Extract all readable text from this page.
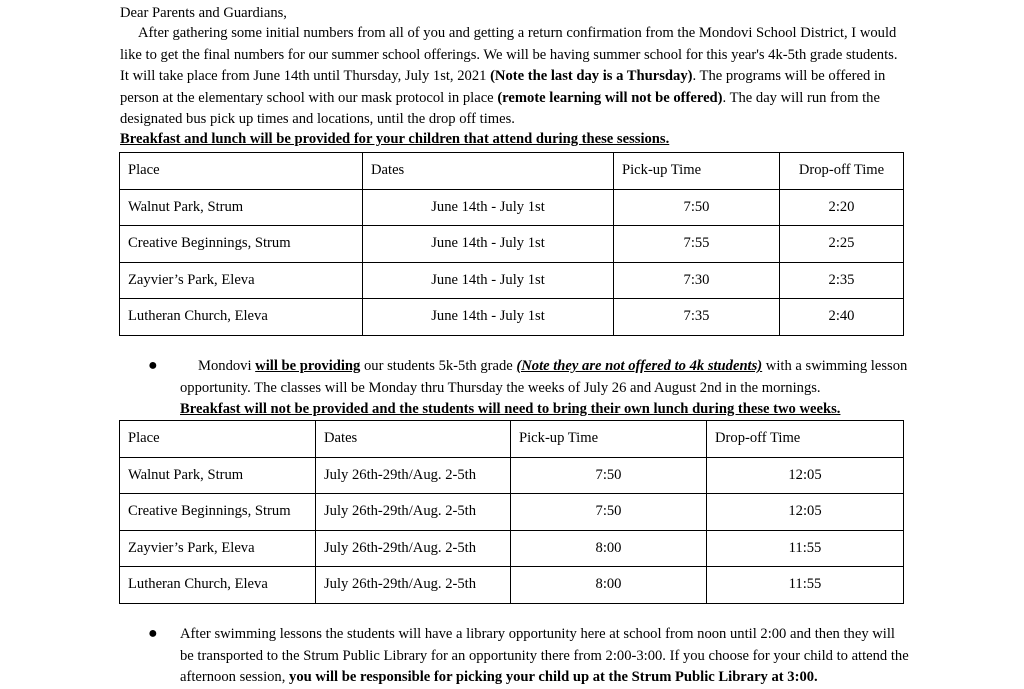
Dear Parents and Guardians,

After gathering some initial numbers from all of you and getting a return confirmation from the Mondovi School District, I would like to get the final numbers for our summer school offerings. We will be having summer school for this year's 4k-5th grade students. It will take place from June 14th until Thursday, July 1st, 2021 (Note the last day is a Thursday). The programs will be offered in person at the elementary school with our mask protocol in place (remote learning will not be offered). The day will run from the designated bus pick up times and locations, until the drop off times.

Breakfast and lunch will be provided for your children that attend during these sessions.
Place	Dates	Pick-up Time	Drop-off Time
Walnut Park, Strum	June 14th - July 1st	7:50	2:20
Creative Beginnings, Strum	June 14th - July 1st	7:55	2:25
Zayvier’s Park, Eleva	June 14th - July 1st	7:30	2:35
Lutheran Church, Eleva	June 14th - July 1st	7:35	2:40
●	Mondovi will be providing our students 5k-5th grade (Note they are not offered to 4k students) with a swimming lesson opportunity. The classes will be Monday thru Thursday the weeks of July 26 and August 2nd in the mornings.
Breakfast will not be provided and the students will need to bring their own lunch during these two weeks.

Place	Dates	Pick-up Time	Drop-off Time
Walnut Park, Strum	July 26th-29th/Aug. 2-5th	7:50	12:05
Creative Beginnings, Strum	July 26th-29th/Aug. 2-5th	7:50	12:05
Zayvier’s Park, Eleva	July 26th-29th/Aug. 2-5th	8:00	11:55
Lutheran Church, Eleva	July 26th-29th/Aug. 2-5th	8:00	11:55
● After swimming lessons the students will have a library opportunity here at school from noon until 2:00 and then they will be transported to the Strum Public Library for an opportunity there from 2:00-3:00. If you choose for your child to attend the afternoon session, you will be responsible for picking your child up at the Strum Public Library at 3:00.
